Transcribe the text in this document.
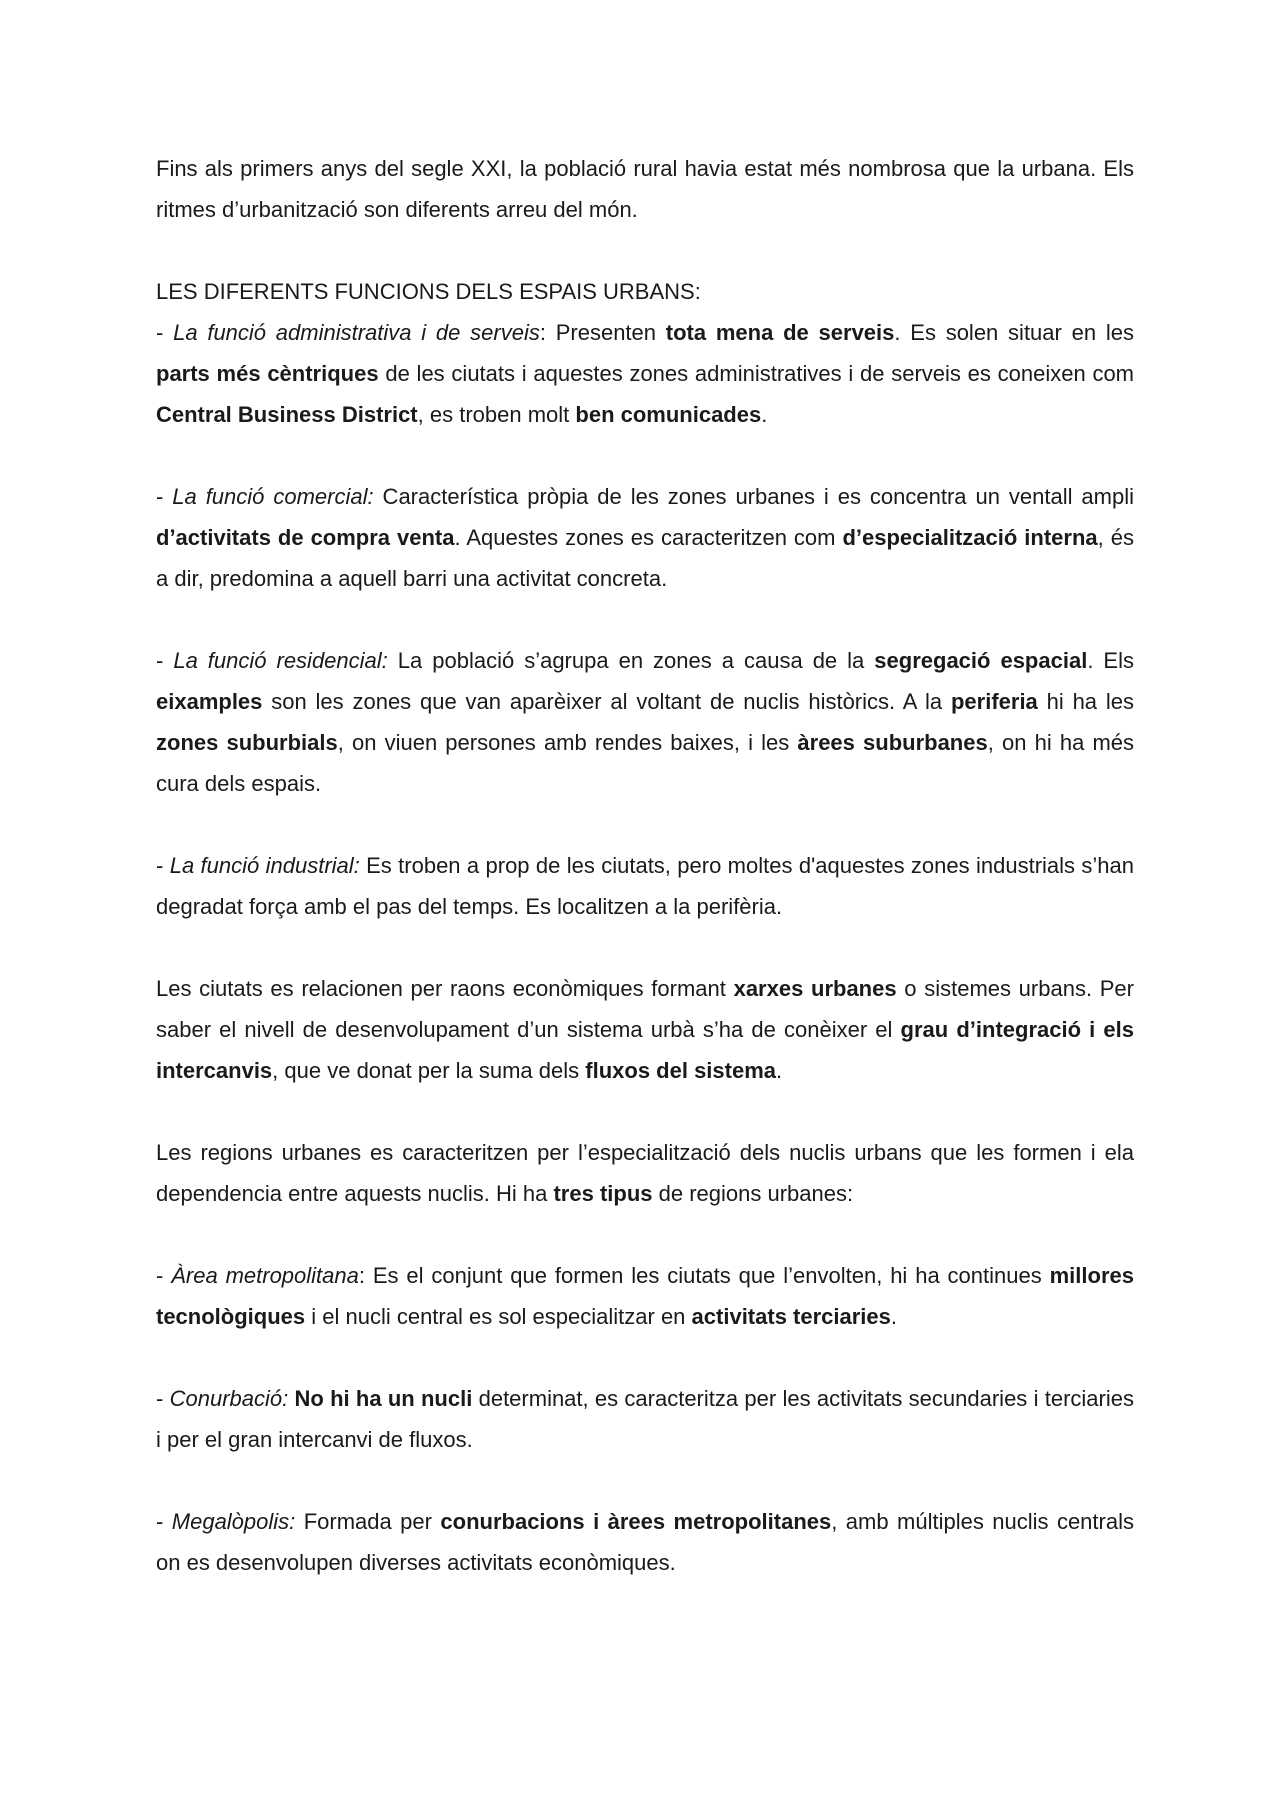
Fins als primers anys del segle XXI, la població rural havia estat més nombrosa que la urbana. Els ritmes d’urbanització son diferents arreu del món.

LES DIFERENTS FUNCIONS DELS ESPAIS URBANS:

- La funció administrativa i de serveis: Presenten tota mena de serveis. Es solen situar en les parts més cèntriques de les ciutats i aquestes zones administratives i de serveis es coneixen com Central Business District, es troben molt ben comunicades.

- La funció comercial: Característica pròpia de les zones urbanes i es concentra un ventall ampli d’activitats de compra venta. Aquestes zones es caracteritzen com d’especialització interna, és a dir, predomina a aquell barri una activitat concreta.

- La funció residencial: La població s’agrupa en zones a causa de la segregació espacial. Els eixamples son les zones que van aparèixer al voltant de nuclis històrics. A la periferia hi ha les zones suburbials, on viuen persones amb rendes baixes, i les àrees suburbanes, on hi ha més cura dels espais.

- La funció industrial: Es troben a prop de les ciutats, pero moltes d'aquestes zones industrials s’han degradat força amb el pas del temps. Es localitzen a la perifèria.

Les ciutats es relacionen per raons econòmiques formant xarxes urbanes o sistemes urbans. Per saber el nivell de desenvolupament d’un sistema urbà s’ha de conèixer el grau d’integració i els intercanvis, que ve donat per la suma dels fluxos del sistema.

Les regions urbanes es caracteritzen per l’especialització dels nuclis urbans que les formen i ela dependencia entre aquests nuclis. Hi ha tres tipus de regions urbanes:

- Àrea metropolitana: Es el conjunt que formen les ciutats que l’envolten, hi ha continues millores tecnològiques i el nucli central es sol especialitzar en activitats terciaries.

- Conurbació: No hi ha un nucli determinat, es caracteritza per les activitats secundaries i terciaries i per el gran intercanvi de fluxos.

- Megalòpolis: Formada per conurbacions i àrees metropolitanes, amb múltiples nuclis centrals on es desenvolupen diverses activitats econòmiques.
